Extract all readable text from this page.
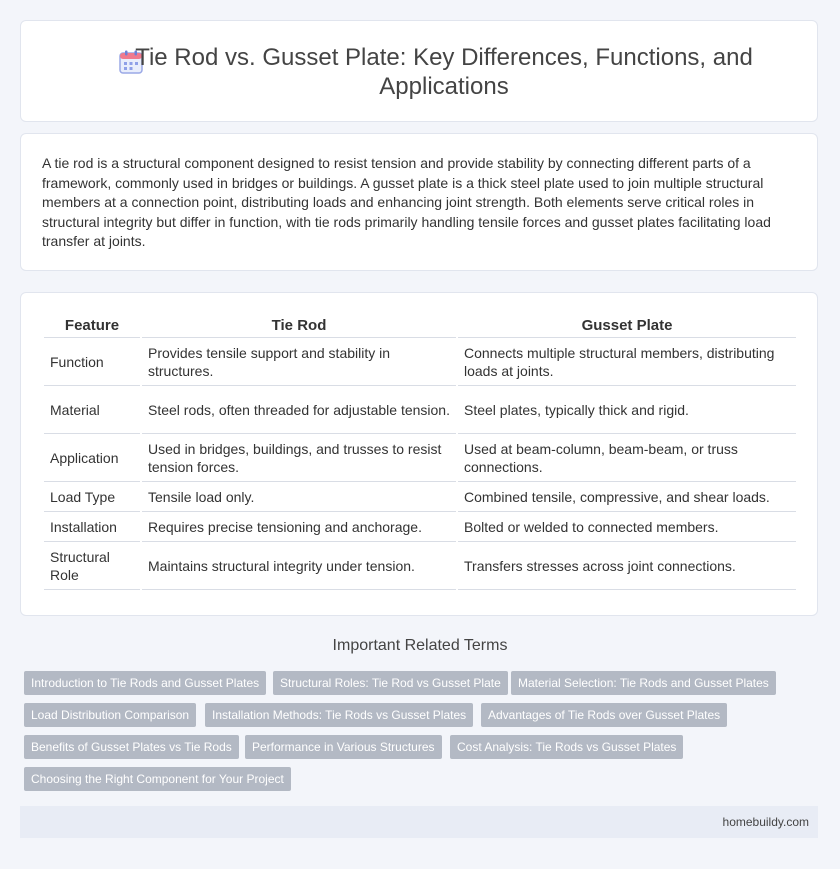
Tie Rod vs. Gusset Plate: Key Differences, Functions, and Applications

A tie rod is a structural component designed to resist tension and provide stability by connecting different parts of a framework, commonly used in bridges or buildings. A gusset plate is a thick steel plate used to join multiple structural members at a connection point, distributing loads and enhancing joint strength. Both elements serve critical roles in structural integrity but differ in function, with tie rods primarily handling tensile forces and gusset plates facilitating load transfer at joints.

Feature	Tie Rod	Gusset Plate
Function	Provides tensile support and stability in structures.	Connects multiple structural members, distributing loads at joints.
Material	Steel rods, often threaded for adjustable tension.	Steel plates, typically thick and rigid.
Application	Used in bridges, buildings, and trusses to resist tension forces.	Used at beam-column, beam-beam, or truss connections.
Load Type	Tensile load only.	Combined tensile, compressive, and shear loads.
Installation	Requires precise tensioning and anchorage.	Bolted or welded to connected members.
Structural Role	Maintains structural integrity under tension.	Transfers stresses across joint connections.
Important Related Terms
Introduction to Tie Rods and Gusset Plates	Structural Roles: Tie Rod vs Gusset Plate	Material Selection: Tie Rods and Gusset Plates
Load Distribution Comparison	Installation Methods: Tie Rods vs Gusset Plates	Advantages of Tie Rods over Gusset Plates
Benefits of Gusset Plates vs Tie Rods	Performance in Various Structures	Cost Analysis: Tie Rods vs Gusset Plates
Choosing the Right Component for Your Project
homebuildy.com
